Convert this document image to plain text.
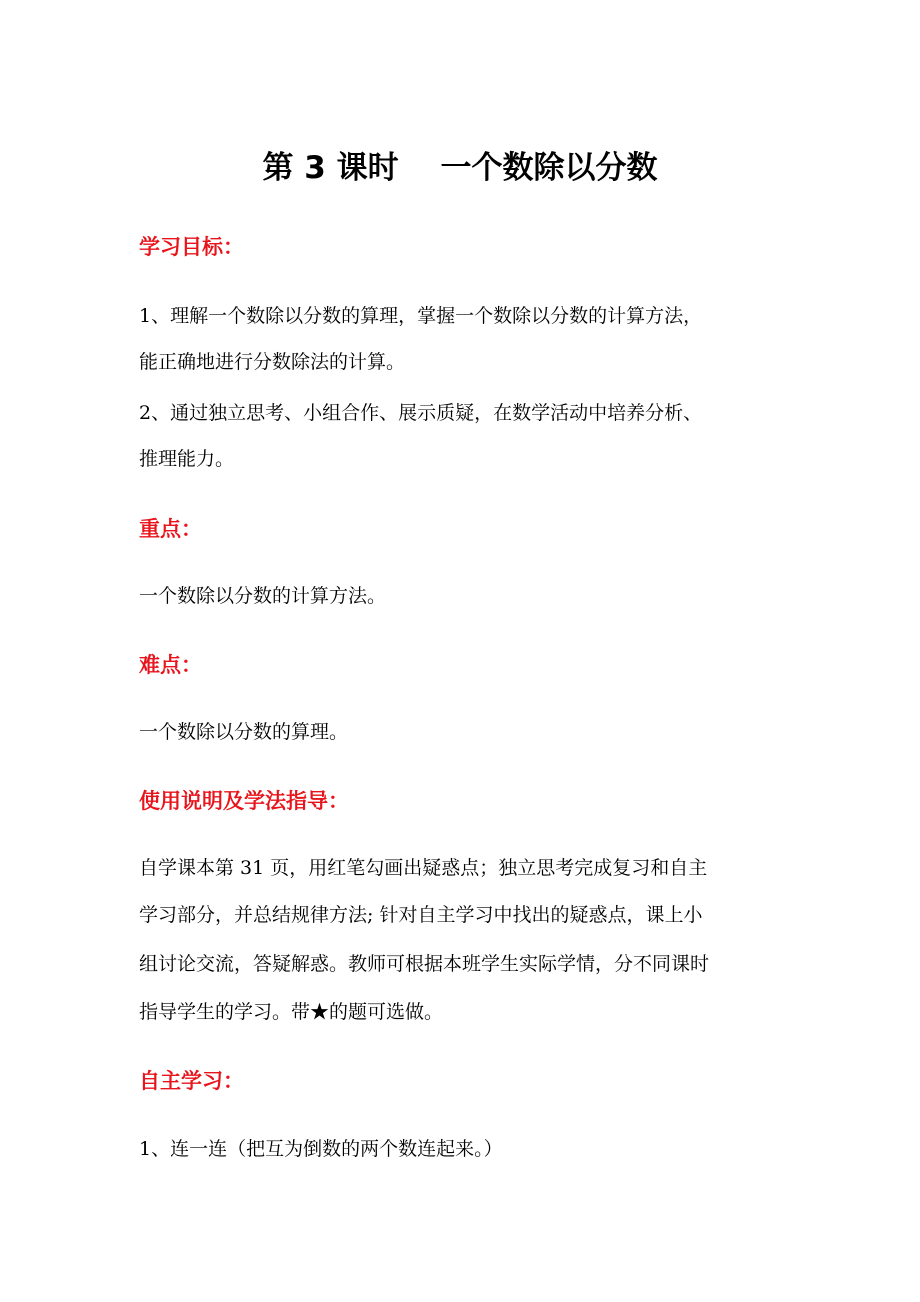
第 3 课时　 一个数除以分数
学习目标：
1、理解一个数除以分数的算理，掌握一个数除以分数的计算方法，
能正确地进行分数除法的计算。
2、通过独立思考、小组合作、展示质疑，在数学活动中培养分析、
推理能力。
重点：
一个数除以分数的计算方法。
难点：
一个数除以分数的算理。
使用说明及学法指导：
自学课本第 31 页，用红笔勾画出疑惑点；独立思考完成复习和自主
学习部分，并总结规律方法; 针对自主学习中找出的疑惑点，课上小
组讨论交流，答疑解惑。教师可根据本班学生实际学情，分不同课时
指导学生的学习。带★的题可选做。
自主学习：
1、连一连（把互为倒数的两个数连起来。）
